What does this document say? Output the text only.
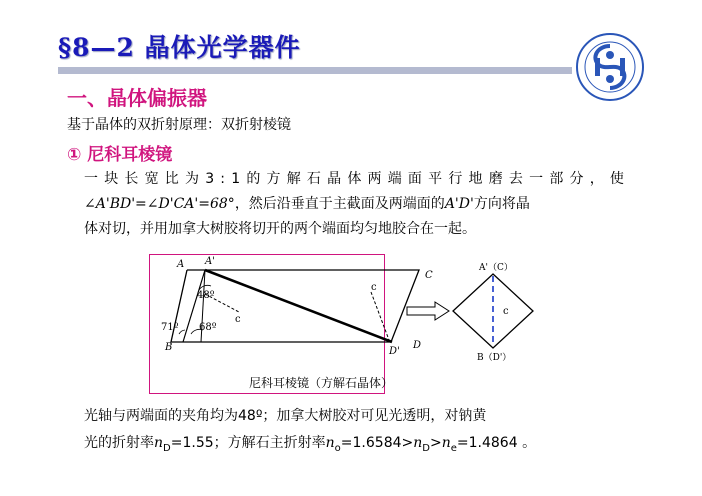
§8—2 晶体光学器件
一、晶体偏振器
基于晶体的双折射原理：双折射棱镜
① 尼科耳棱镜
一块长宽比为3:1的方解石晶体两端面平行地磨去一部分，使
∠A'BD'=∠D'CA'=68°，然后沿垂直于主截面及两端面的A'D'方向将晶
体对切，并用加拿大树胶将切开的两个端面均匀地胶合在一起。
A A'
C
B	D'
D
48º
71º 68º
c
c
A'（C）
c
B（D'）
尼科耳棱镜（方解石晶体）
光轴与两端面的夹角均为48º；加拿大树胶对可见光透明，对钠黄
光的折射率$n_D=1.55$；方解石主折射率$n_o=1.6584>n_D>n_e=1.4864$ 。
